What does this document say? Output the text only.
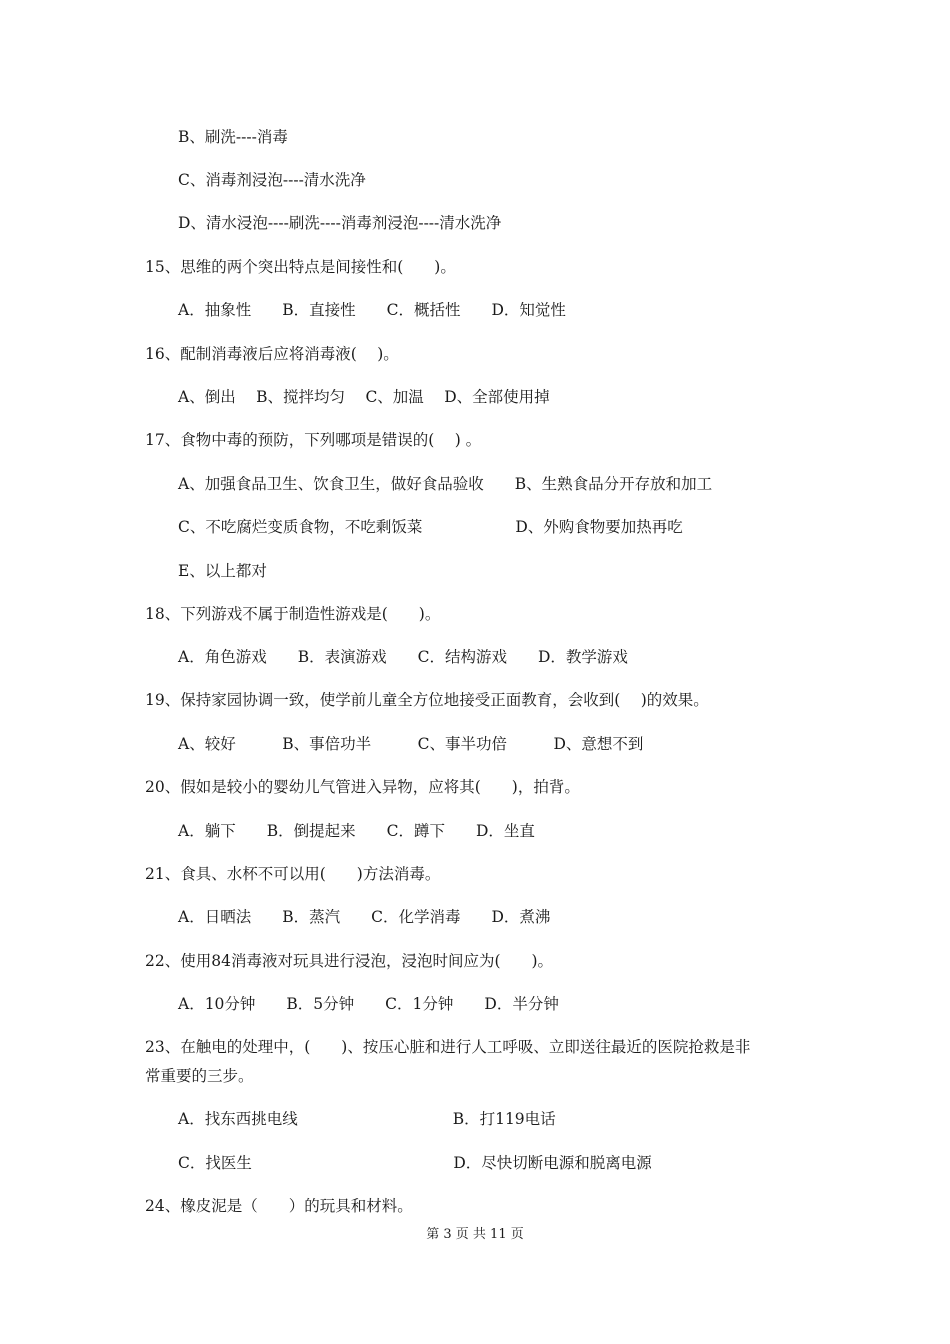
B、刷洗----消毒
C、消毒剂浸泡----清水洗净
D、清水浸泡----刷洗----消毒剂浸泡----清水洗净
15、思维的两个突出特点是间接性和(　　)。
A．抽象性　　B．直接性　　C．概括性　　D．知觉性
16、配制消毒液后应将消毒液(　 )。
A、倒出　 B、搅拌均匀　 C、加温　 D、全部使用掉
17、食物中毒的预防，下列哪项是错误的(　 ) 。
A、加强食品卫生、饮食卫生，做好食品验收　　B、生熟食品分开存放和加工
C、不吃腐烂变质食物，不吃剩饭菜　　　　　　D、外购食物要加热再吃
E、以上都对
18、下列游戏不属于制造性游戏是(　　)。
A．角色游戏　　B．表演游戏　　C．结构游戏　　D．教学游戏
19、保持家园协调一致，使学前儿童全方位地接受正面教育，会收到(　 )的效果。
A、较好　　　B、事倍功半　　　C、事半功倍　　　D、意想不到
20、假如是较小的婴幼儿气管进入异物，应将其(　　)，拍背。
A．躺下　　B．倒提起来　　C．蹲下　　D．坐直
21、食具、水杯不可以用(　　)方法消毒。
A．日晒法　　B．蒸汽　　C．化学消毒　　D．煮沸
22、使用84消毒液对玩具进行浸泡，浸泡时间应为(　　)。
A．10分钟　　B．5分钟　　C．1分钟　　D．半分钟
23、在触电的处理中，(　　)、按压心脏和进行人工呼吸、立即送往最近的医院抢救是非
常重要的三步。
A．找东西挑电线　　　　　　　　　　B．打119电话
C．找医生　　　　　　　　　　　　　D．尽快切断电源和脱离电源
24、橡皮泥是（　　）的玩具和材料。
第 3 页 共 11 页
